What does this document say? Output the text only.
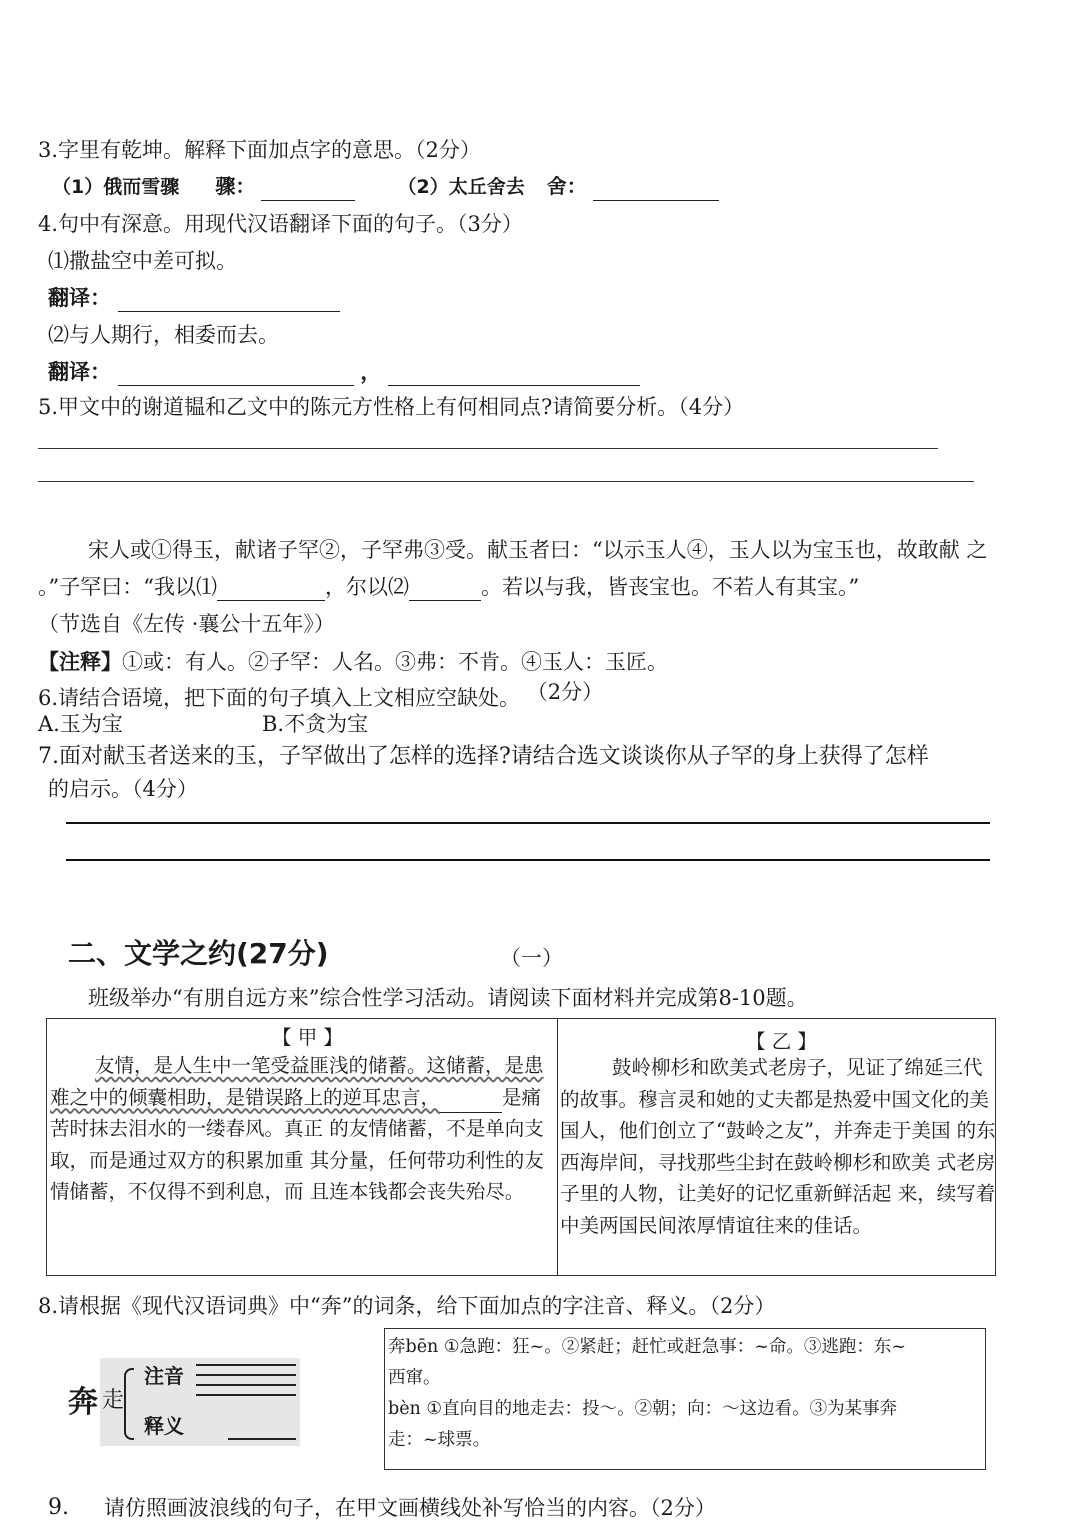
3.字里有乾坤。解释下面加点字的意思。（2分）
（1）俄而雪骤 骤：	（2）太丘舍去 舍：
4.句中有深意。用现代汉语翻译下面的句子。（3分）
⑴撒盐空中差可拟。
翻译：
⑵与人期行，相委而去。
翻译：	，
5.甲文中的谢道韫和乙文中的陈元方性格上有何相同点?请简要分析。（4分）
宋人或①得玉，献诸子罕②，子罕弗③受。献玉者曰：“以示玉人④，玉人以为宝玉也，故敢献 之
。”子罕曰：“我以⑴	，尔以⑵	。若以与我，皆丧宝也。不若人有其宝。”
（节选自《左传 ·襄公十五年》）
【注释】①或：有人。②子罕：人名。③弗：不肯。④玉人：玉匠。
6.请结合语境，把下面的句子填入上文相应空缺处。 （2分）
A.玉为宝	B.不贪为宝
7.面对献玉者送来的玉，子罕做出了怎样的选择?请结合选文谈谈你从子罕的身上获得了怎样
的启示。（4分）
二、文学之约(27分)	（一）
班级举办“有朋自远方来”综合性学习活动。请阅读下面材料并完成第8-10题。
【 甲 】
友情，是人生中一笔受益匪浅的储蓄。这储蓄，是患难之中的倾囊相助，是错误路上的逆耳忠言，	是痛苦时抹去泪水的一缕春风。真正 的友情储蓄，不是单向支取，而是通过双方的积累加重 其分量，任何带功利性的友情储蓄，不仅得不到利息，而 且连本钱都会丧失殆尽。
【 乙 】
鼓岭柳杉和欧美式老房子，见证了绵延三代的故事。穆言灵和她的丈夫都是热爱中国文化的美国人，他们创立了“鼓岭之友”，并奔走于美国 的东西海岸间，寻找那些尘封在鼓岭柳杉和欧美 式老房子里的人物，让美好的记忆重新鲜活起 来，续写着中美两国民间浓厚情谊往来的佳话。
8.请根据《现代汉语词典》中“奔”的词条，给下面加点的字注音、释义。（2分）
奔 走
注音
释义
奔bēn ①急跑：狂~。②紧赶；赶忙或赶急事：~命。③逃跑：东~
西窜。
bèn ①直向目的地走去：投～。②朝；向：～这边看。③为某事奔
走：~球票。
9. 请仿照画波浪线的句子，在甲文画横线处补写恰当的内容。（2分）
